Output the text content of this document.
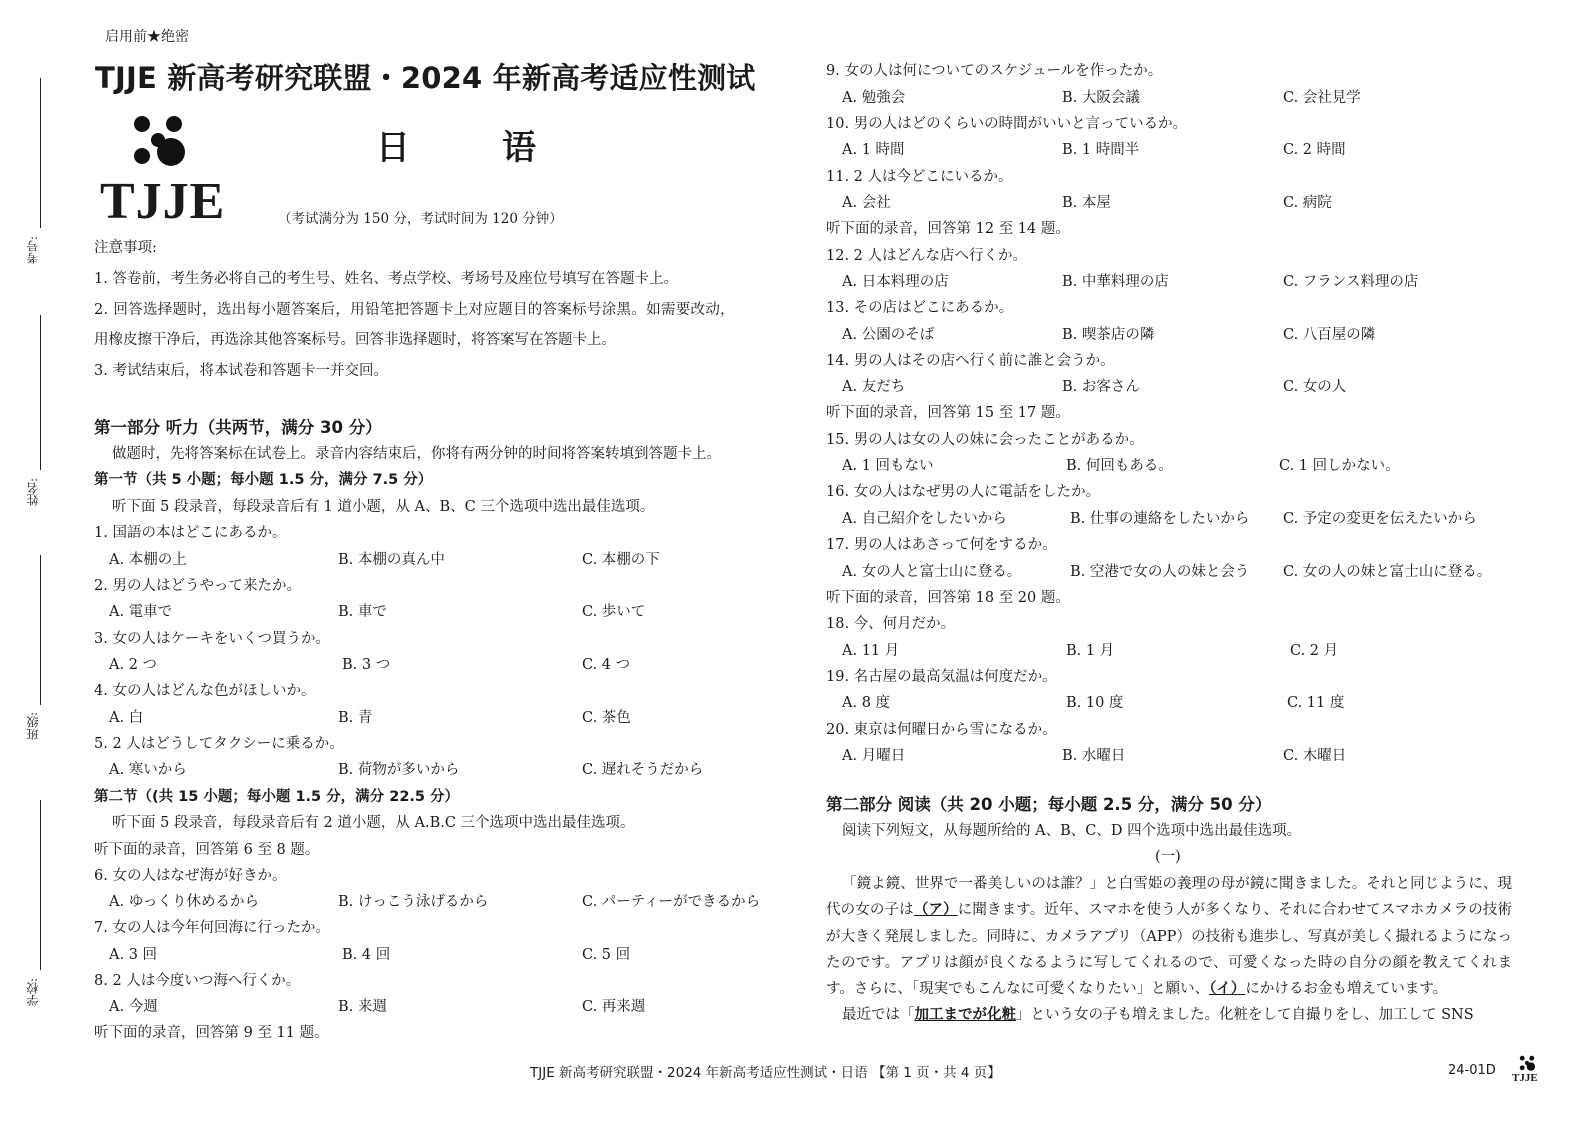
考号:
姓名:
班级:
学校:
启用前★绝密
TJJE 新高考研究联盟・2024 年新高考适应性测试
TJJE
日语
（考试满分为 150 分，考试时间为 120 分钟）
注意事项:
1. 答卷前，考生务必将自己的考生号、姓名、考点学校、考场号及座位号填写在答题卡上。
2. 回答选择题时，选出每小题答案后，用铅笔把答题卡上对应题目的答案标号涂黑。如需要改动，
用橡皮擦干净后，再选涂其他答案标号。回答非选择题时，将答案写在答题卡上。
3. 考试结束后，将本试卷和答题卡一并交回。
第一部分 听力（共两节，满分 30 分）
做题时，先将答案标在试卷上。录音内容结束后，你将有两分钟的时间将答案转填到答题卡上。
第一节（共 5 小题；每小题 1.5 分，满分 7.5 分）
听下面 5 段录音，每段录音后有 1 道小题，从 A、B、C 三个选项中选出最佳选项。
1. 国語の本はどこにあるか。
A. 本棚の上	B. 本棚の真ん中	C. 本棚の下
2. 男の人はどうやって来たか。
A. 電車で	B. 車で	C. 歩いて
3. 女の人はケーキをいくつ買うか。
A. 2 つ	B. 3 つ	C. 4 つ
4. 女の人はどんな色がほしいか。
A. 白	B. 青	C. 茶色
5. 2 人はどうしてタクシーに乗るか。
A. 寒いから	B. 荷物が多いから	C. 遅れそうだから
第二节（(共 15 小题；每小题 1.5 分，满分 22.5 分）
听下面 5 段录音，每段录音后有 2 道小题，从 A.B.C 三个选项中选出最佳选项。
听下面的录音，回答第 6 至 8 题。
6. 女の人はなぜ海が好きか。
A. ゆっくり休めるから	B. けっこう泳げるから	C. パーティーができるから
7. 女の人は今年何回海に行ったか。
A. 3 回	B. 4 回	C. 5 回
8. 2 人は今度いつ海へ行くか。
A. 今週	B. 来週	C. 再来週
听下面的录音，回答第 9 至 11 题。
9. 女の人は何についてのスケジュールを作ったか。
A. 勉強会	B. 大阪会議	C. 会社見学
10. 男の人はどのくらいの時間がいいと言っているか。
A. 1 時間	B. 1 時間半	C. 2 時間
11. 2 人は今どこにいるか。
A. 会社	B. 本屋	C. 病院
听下面的录音，回答第 12 至 14 题。
12. 2 人はどんな店へ行くか。
A. 日本料理の店	B. 中華料理の店	C. フランス料理の店
13. その店はどこにあるか。
A. 公園のそば	B. 喫茶店の隣	C. 八百屋の隣
14. 男の人はその店へ行く前に誰と会うか。
A. 友だち	B. お客さん	C. 女の人
听下面的录音，回答第 15 至 17 题。
15. 男の人は女の人の妹に会ったことがあるか。
A. 1 回もない	B. 何回もある。	C. 1 回しかない。
16. 女の人はなぜ男の人に電話をしたか。
A. 自己紹介をしたいから	B. 仕事の連絡をしたいから C. 予定の変更を伝えたいから
17. 男の人はあさって何をするか。
A. 女の人と富士山に登る。	B. 空港で女の人の妹と会う C. 女の人の妹と富士山に登る。
听下面的录音，回答第 18 至 20 题。
18. 今、何月だか。
A. 11 月	B. 1 月	C. 2 月
19. 名古屋の最高気温は何度だか。
A. 8 度	B. 10 度	C. 11 度
20. 東京は何曜日から雪になるか。
A. 月曜日	B. 水曜日	C. 木曜日
第二部分 阅读（共 20 小题；每小题 2.5 分，满分 50 分）
阅读下列短文，从每题所给的 A、B、C、D 四个选项中选出最佳选项。
(一)

「鏡よ鏡、世界で一番美しいのは誰？」と白雪姫の義理の母が鏡に聞きました。それと同じように、現代の女の子は（ア）に聞きます。近年、スマホを使う人が多くなり、それに合わせてスマホカメラの技術が大きく発展しました。同時に、カメラアプリ（APP）の技術も進歩し、写真が美しく撮れるようになったのです。アプリは顔が良くなるように写してくれるので、可愛くなった時の自分の顔を教えてくれます。さらに、「現実でもこんなに可愛くなりたい」と願い、（イ）にかけるお金も増えています。

最近では「加工までが化粧」という女の子も増えました。化粧をして自撮りをし、加工して SNS

TJJE 新高考研究联盟・2024 年新高考适应性测试・日语 【第 1 页・共 4 页】	24-01D TJJE
